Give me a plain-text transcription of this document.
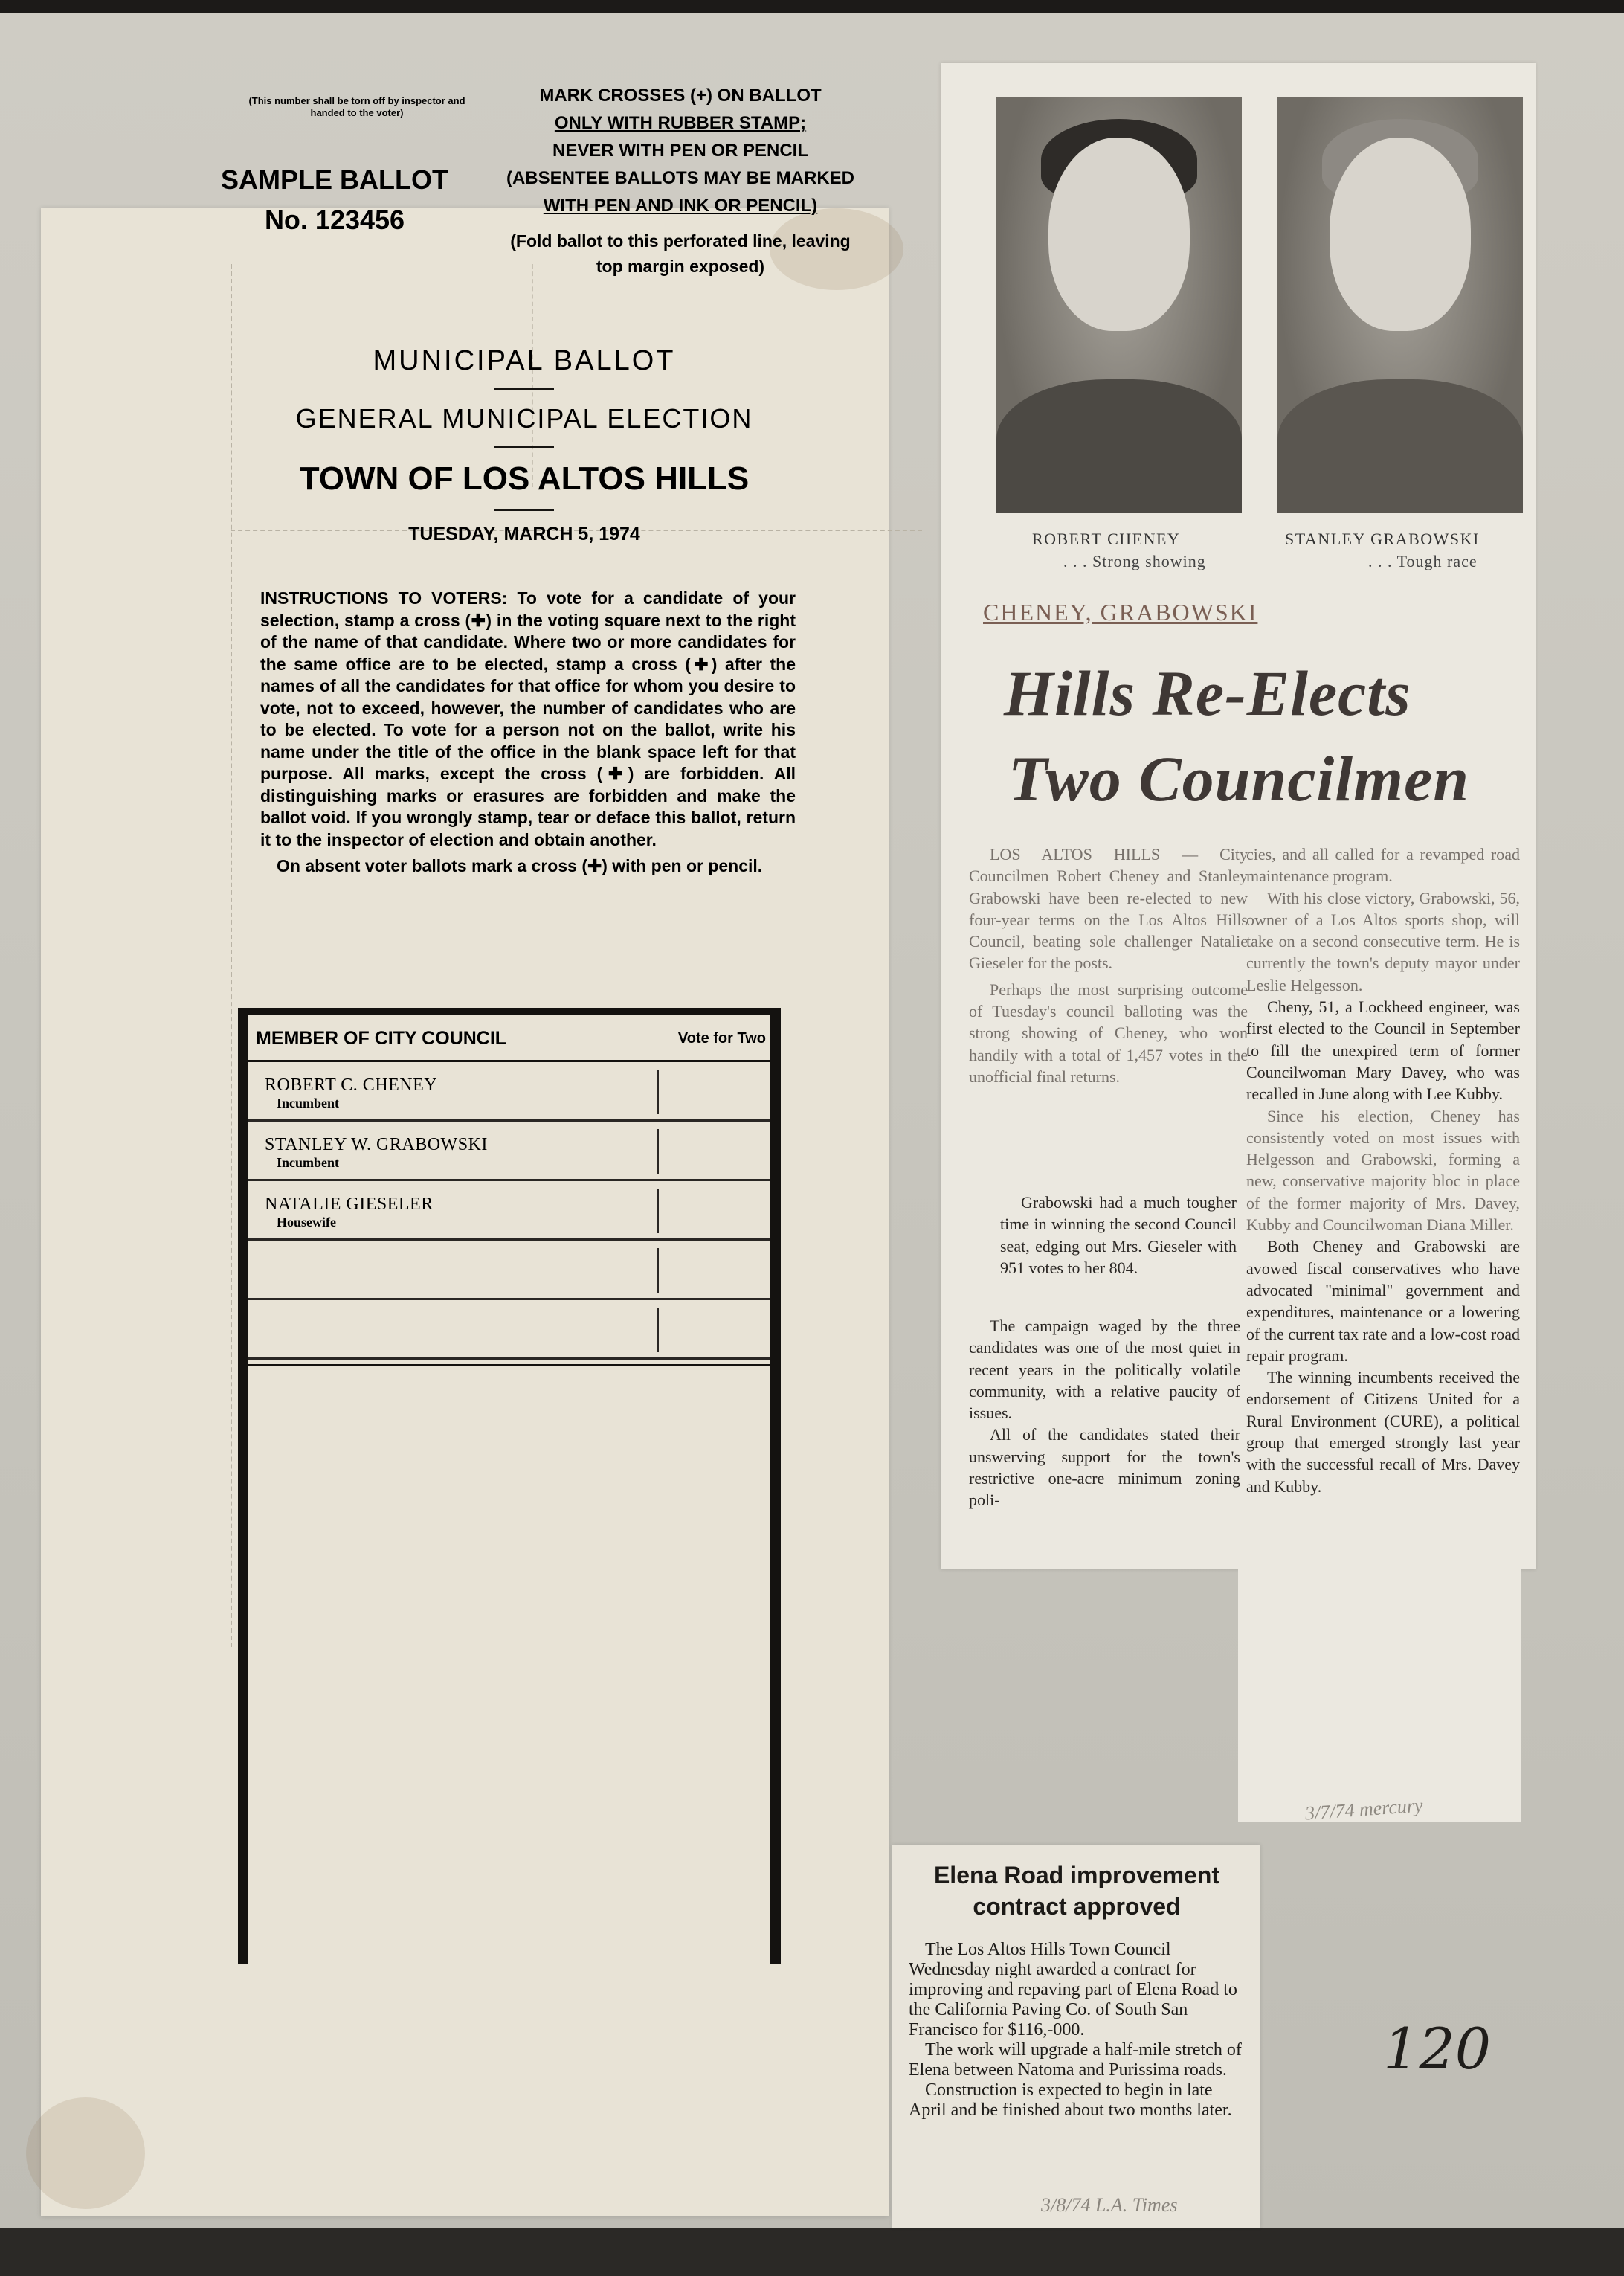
(This number shall be torn off by inspector and handed to the voter)
SAMPLE BALLOT
No. 123456
MARK CROSSES (+) ON BALLOT
ONLY WITH RUBBER STAMP;
NEVER WITH PEN OR PENCIL
(ABSENTEE BALLOTS MAY BE MARKED
WITH PEN AND INK OR PENCIL)
(Fold ballot to this perforated line, leaving top margin exposed)
MUNICIPAL BALLOT
GENERAL MUNICIPAL ELECTION
TOWN OF LOS ALTOS HILLS
TUESDAY, MARCH 5, 1974

INSTRUCTIONS TO VOTERS: To vote for a candidate of your selection, stamp a cross (✚) in the voting square next to the right of the name of that candidate. Where two or more candidates for the same office are to be elected, stamp a cross (✚) after the names of all the candidates for that office for whom you desire to vote, not to exceed, however, the number of candidates who are to be elected. To vote for a person not on the ballot, write his name under the title of the office in the blank space left for that purpose. All marks, except the cross (✚) are forbidden. All distinguishing marks or erasures are forbidden and make the ballot void. If you wrongly stamp, tear or deface this ballot, return it to the inspector of election and obtain another.

On absent voter ballots mark a cross (✚) with pen or pencil.

MEMBER OF CITY COUNCIL	Vote for Two
ROBERT C. CHENEY
Incumbent
STANLEY W. GRABOWSKI
Incumbent
NATALIE GIESELER
Housewife
ROBERT CHENEY
. . . Strong showing
STANLEY GRABOWSKI
. . . Tough race
CHENEY, GRABOWSKI
Hills Re-Elects
Two Councilmen

LOS ALTOS HILLS — City Councilmen Robert Cheney and Stanley Grabowski have been re-elected to new four-year terms on the Los Altos Hills Council, beating sole challenger Natalie Gieseler for the posts.

Perhaps the most surprising outcome of Tuesday's council balloting was the strong showing of Cheney, who won handily with a total of 1,457 votes in the unofficial final returns.

Grabowski had a much tougher time in winning the second Council seat, edging out Mrs. Gieseler with 951 votes to her 804.

The campaign waged by the three candidates was one of the most quiet in recent years in the politically volatile community, with a relative paucity of issues.

All of the candidates stated their unswerving support for the town's restrictive one-acre minimum zoning poli-

cies, and all called for a revamped road maintenance program.

With his close victory, Grabowski, 56, owner of a Los Altos sports shop, will take on a second consecutive term. He is currently the town's deputy mayor under Leslie Helgesson.

Cheny, 51, a Lockheed engineer, was first elected to the Council in September to fill the unexpired term of former Councilwoman Mary Davey, who was recalled in June along with Lee Kubby.

Since his election, Cheney has consistently voted on most issues with Helgesson and Grabowski, forming a new, conservative majority bloc in place of the former majority of Mrs. Davey, Kubby and Councilwoman Diana Miller.

Both Cheney and Grabowski are avowed fiscal conservatives who have advocated "minimal" government and expenditures, maintenance or a lowering of the current tax rate and a low-cost road repair program.

The winning incumbents received the endorsement of Citizens United for a Rural Environment (CURE), a political group that emerged strongly last year with the successful recall of Mrs. Davey and Kubby.

3/7/74 mercury
Elena Road improvement contract approved

The Los Altos Hills Town Council Wednesday night awarded a contract for improving and repaving part of Elena Road to the California Paving Co. of South San Francisco for $116,-000.

The work will upgrade a half-mile stretch of Elena between Natoma and Purissima roads.

Construction is expected to begin in late April and be finished about two months later.

3/8/74 L.A. Times
120
